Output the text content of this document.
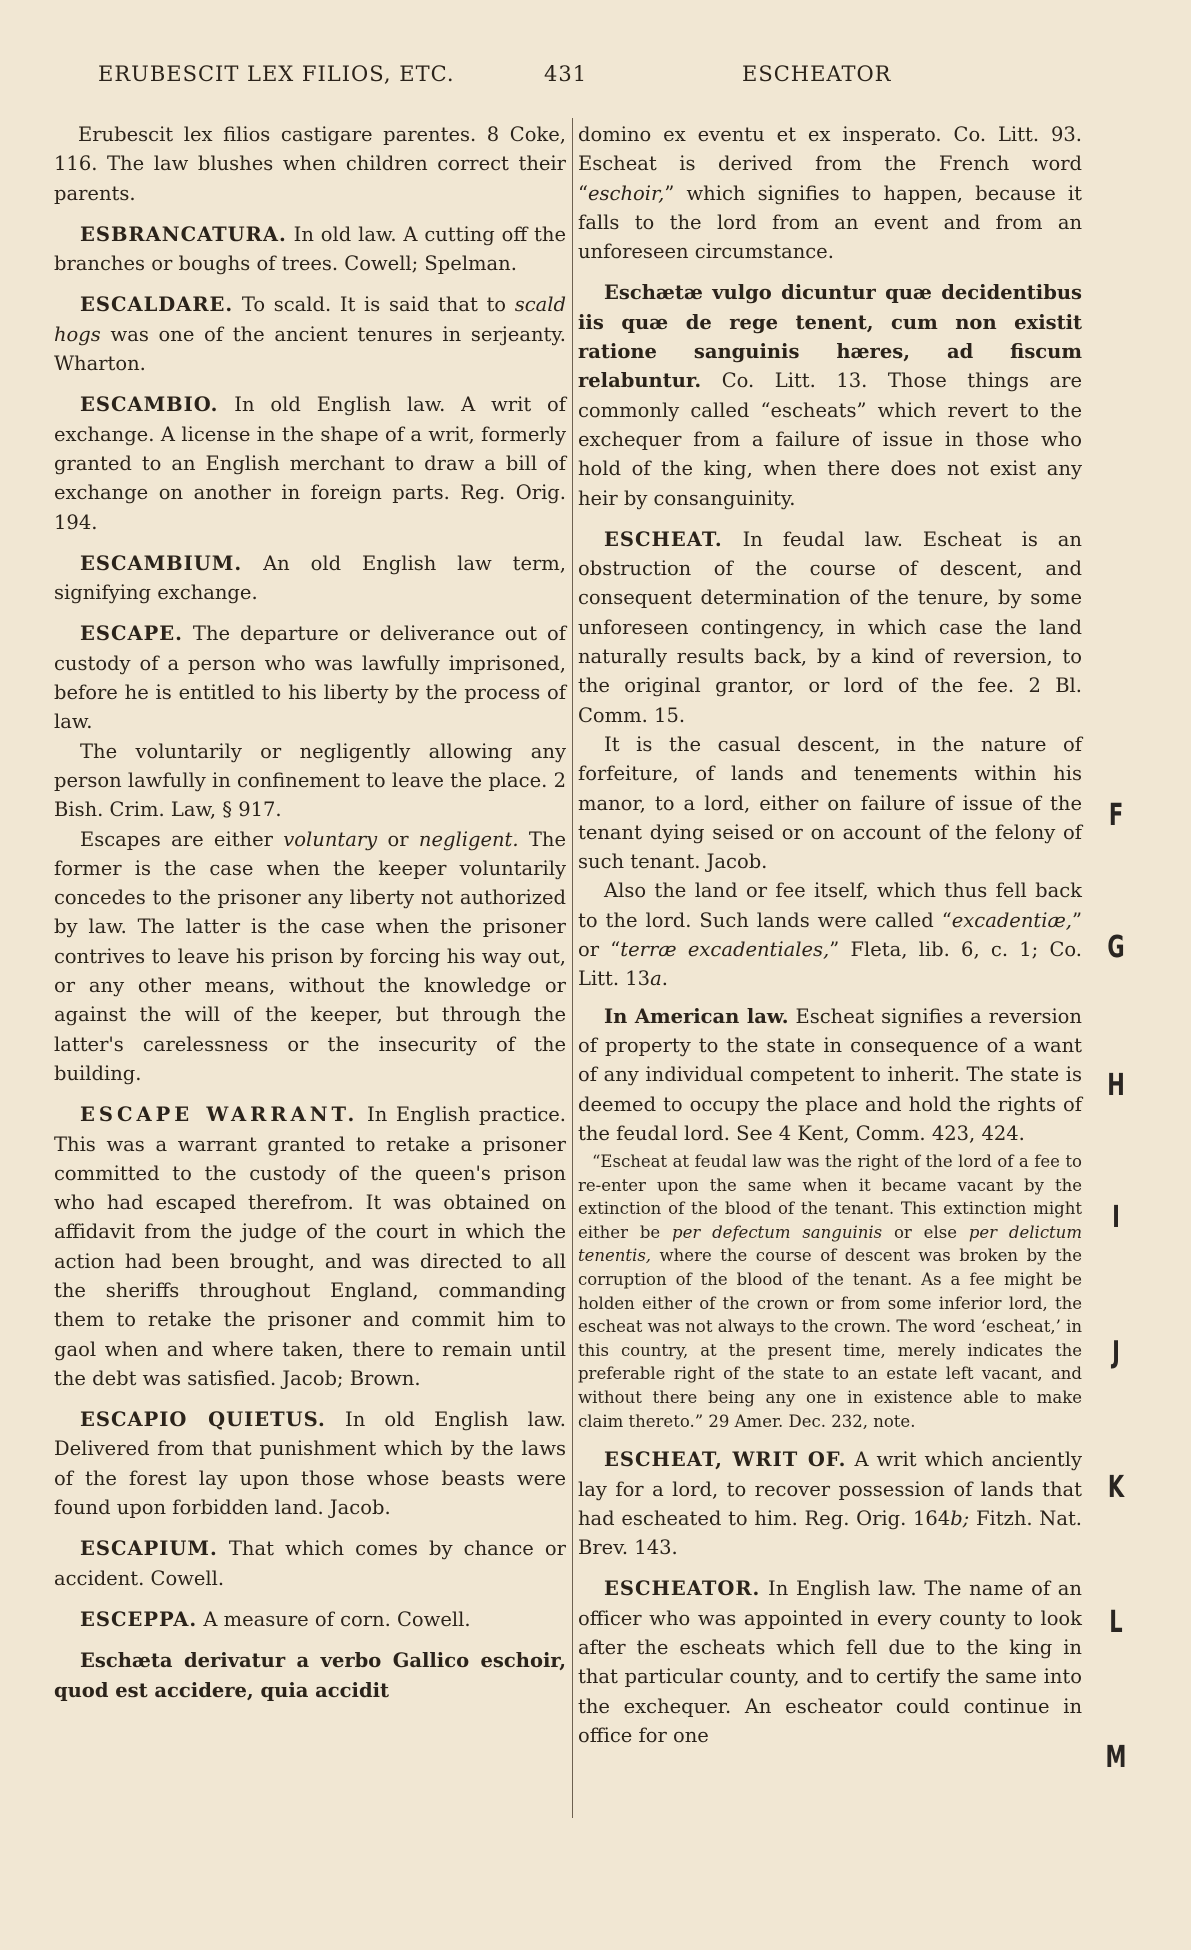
ERUBESCIT LEX FILIOS, ETC.	431	ESCHEATOR

Erubescit lex filios castigare parentes. 8 Coke, 116. The law blushes when children correct their parents.

ESBRANCATURA. In old law. A cutting off the branches or boughs of trees. Cowell; Spelman.

ESCALDARE. To scald. It is said that to scald hogs was one of the ancient tenures in serjeanty. Wharton.

ESCAMBIO. In old English law. A writ of exchange. A license in the shape of a writ, formerly granted to an English merchant to draw a bill of exchange on another in foreign parts. Reg. Orig. 194.

ESCAMBIUM. An old English law term, signifying exchange.

ESCAPE. The departure or deliverance out of custody of a person who was lawfully imprisoned, before he is entitled to his liberty by the process of law.

The voluntarily or negligently allowing any person lawfully in confinement to leave the place. 2 Bish. Crim. Law, § 917.

Escapes are either voluntary or negligent. The former is the case when the keeper voluntarily concedes to the prisoner any liberty not authorized by law. The latter is the case when the prisoner contrives to leave his prison by forcing his way out, or any other means, without the knowledge or against the will of the keeper, but through the latter's carelessness or the insecurity of the building.

ESCAPE WARRANT. In English practice. This was a warrant granted to retake a prisoner committed to the custody of the queen's prison who had escaped therefrom. It was obtained on affidavit from the judge of the court in which the action had been brought, and was directed to all the sheriffs throughout England, commanding them to retake the prisoner and commit him to gaol when and where taken, there to remain until the debt was satisfied. Jacob; Brown.

ESCAPIO QUIETUS. In old English law. Delivered from that punishment which by the laws of the forest lay upon those whose beasts were found upon forbidden land. Jacob.

ESCAPIUM. That which comes by chance or accident. Cowell.

ESCEPPA. A measure of corn. Cowell.

Eschæta derivatur a verbo Gallico eschoir, quod est accidere, quia accidit

domino ex eventu et ex insperato. Co. Litt. 93. Escheat is derived from the French word “eschoir,” which signifies to happen, because it falls to the lord from an event and from an unforeseen circumstance.

Eschætæ vulgo dicuntur quæ decidentibus iis quæ de rege tenent, cum non existit ratione sanguinis hæres, ad fiscum relabuntur. Co. Litt. 13. Those things are commonly called “escheats” which revert to the exchequer from a failure of issue in those who hold of the king, when there does not exist any heir by consanguinity.

ESCHEAT. In feudal law. Escheat is an obstruction of the course of descent, and consequent determination of the tenure, by some unforeseen contingency, in which case the land naturally results back, by a kind of reversion, to the original grantor, or lord of the fee. 2 Bl. Comm. 15.

It is the casual descent, in the nature of forfeiture, of lands and tenements within his manor, to a lord, either on failure of issue of the tenant dying seised or on account of the felony of such tenant. Jacob.

Also the land or fee itself, which thus fell back to the lord. Such lands were called “excadentiæ,” or “terræ excadentiales,” Fleta, lib. 6, c. 1; Co. Litt. 13a.

In American law. Escheat signifies a reversion of property to the state in consequence of a want of any individual competent to inherit. The state is deemed to occupy the place and hold the rights of the feudal lord. See 4 Kent, Comm. 423, 424.

“Escheat at feudal law was the right of the lord of a fee to re-enter upon the same when it became vacant by the extinction of the blood of the tenant. This extinction might either be per defectum sanguinis or else per delictum tenentis, where the course of descent was broken by the corruption of the blood of the tenant. As a fee might be holden either of the crown or from some inferior lord, the escheat was not always to the crown. The word ‘escheat,’ in this country, at the present time, merely indicates the preferable right of the state to an estate left vacant, and without there being any one in existence able to make claim thereto.” 29 Amer. Dec. 232, note.

ESCHEAT, WRIT OF. A writ which anciently lay for a lord, to recover possession of lands that had escheated to him. Reg. Orig. 164b; Fitzh. Nat. Brev. 143.

ESCHEATOR. In English law. The name of an officer who was appointed in every county to look after the escheats which fell due to the king in that particular county, and to certify the same into the exchequer. An escheator could continue in office for one

F
G
H
I
J
K
L
M
